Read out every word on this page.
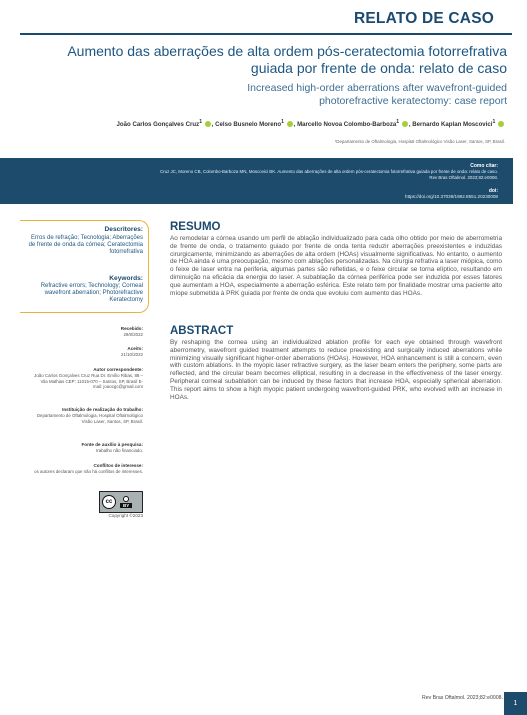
RELATO DE CASO
Aumento das aberrações de alta ordem pós-ceratectomia fotorrefrativa guiada por frente de onda: relato de caso
Increased high-order aberrations after wavefront-guided photorefractive keratectomy: case report
João Carlos Gonçalves Cruz$^1$ , Celso Busnelo Moreno$^1$ , Marcello Novoa Colombo-Barboza$^1$ , Bernardo Kaplan Moscovici$^1$
¹Departamento de Oftalmologia, Hospital Oftalmológico Visão Laser, Santos, SP, Brasil.
Como citar:
Cruz JC, Moreno CB, Colombo-Barboza MN, Moscovici BK. Aumento das aberrações de alta ordem pós-ceratectomia fotorrefrativa guiada por frente de onda: relato de caso. Rev Bras Oftalmol. 2023;82:e0008.
doi:
https://doi.org/10.37039/1982.8551.20230008
Descritores:
Erros de refração; Tecnologia; Aberrações de frente de onda da córnea; Ceratectomia fotorrefrativa
Keywords:
Refractive errors; Technology; Corneal wavefront aberration; Photorefractive Keratectomy
Recebido:
29/8/2022
Aceito:
21/10/2022
Autor correspondente:
João Carlos Gonçalves Cruz Rua Dr. Emílio Ribas, 88 – Vila Mathias CEP: 11015-070 – Santos, SP, Brasil E-mail: joaocgc@gmail.com
Instituição de realização do trabalho:
Departamento de Oftalmologia, Hospital Oftalmológico Visão Laser, Santos, SP, Brasil.
Fonte de auxílio à pesquisa:
trabalho não financiado.
Conflitos de interesse:
os autores declaram que não há conflitos de interesses.
cc
BY
Copyright ©2023
RESUMO
Ao remodelar a córnea usando um perfil de ablação individualizado para cada olho obtido por meio de aberrometria de frente de onda, o tratamento guiado por frente de onda tenta reduzir aberrações preexistentes e induzidas cirurgicamente, minimizando as aberrações de alta ordem (HOAs) visualmente significativas. No entanto, o aumento de HOA ainda é uma preocupação, mesmo com ablações personalizadas. Na cirurgia refrativa a laser miópica, como o feixe de laser entra na periferia, algumas partes são refletidas, e o feixe circular se torna elíptico, resultando em diminuição na eficácia da energia do laser. A subablação da córnea periférica pode ser induzida por esses fatores que aumentam a HOA, especialmente a aberração esférica. Este relato tem por finalidade mostrar uma paciente alto míope submetida à PRK guiada por frente de onda que evoluiu com aumento das HOAs.
ABSTRACT
By reshaping the cornea using an individualized ablation profile for each eye obtained through wavefront aberrometry, wavefront guided treatment attempts to reduce preexisting and surgically induced aberrations while minimizing visually significant higher-order aberrations (HOAs). However, HOA enhancement is still a concern, even with custom ablations. In the myopic laser refractive surgery, as the laser beam enters the periphery, some parts are reflected, and the circular beam becomes elliptical, resulting in a decrease in the effectiveness of the laser energy. Peripheral corneal subablation can be induced by these factors that increase HOA, especially spherical aberration. This report aims to show a high myopic patient undergoing wavefront-guided PRK, who evolved with an increase in HOAs.
Rev Bras Oftalmol. 2023;82:e0008.
1
